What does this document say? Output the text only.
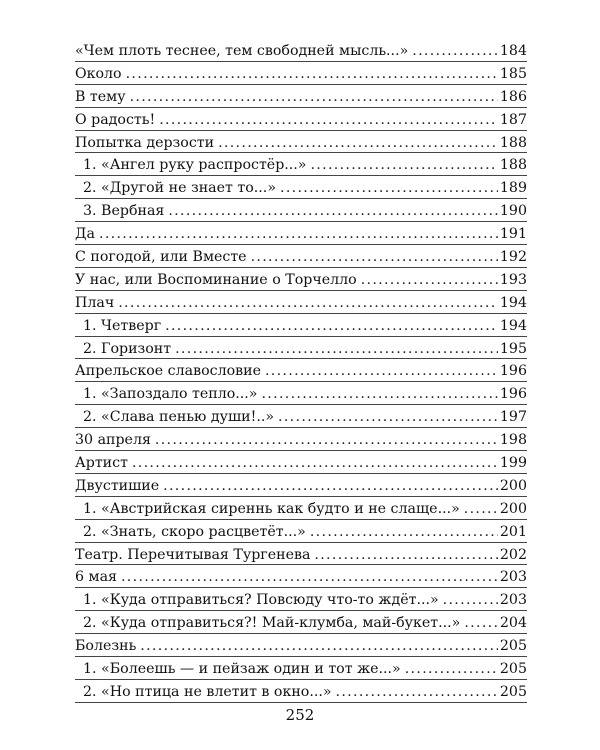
«Чем плоть теснее, тем свободней мысль...» . . .	184
Около . . .	185
В тему . . .	186
О радость! . . .	187
Попытка дерзости . . .	188
1. «Ангел руку распростёр...» . . .	188
2. «Другой не знает то...» . . .	189
3. Вербная . . .	190
Да . . .	191
С погодой, или Вместе . . .	192
У нас, или Воспоминание о Торчелло . . .	193
Плач . . .	194
1. Четверг . . .	194
2. Горизонт . . .	195
Апрельское славословие . . .	196
1. «Запоздало тепло...» . . .	196
2. «Слава пенью души!..» . . .	197
30 апреля . . .	198
Артист . . .	199
Двустишие . . .	200
1. «Австрийская сиреннь как будто и не слаще...» . . .	200
2. «Знать, скоро расцветёт...» . . .	201
Театр. Перечитывая Тургенева . . .	202
6 мая . . .	203
1. «Куда отправиться? Повсюду что-то ждёт...» . . .	203
2. «Куда отправиться?! Май-клумба, май-букет...» . . .	204
Болезнь . . .	205
1. «Болеешь — и пейзаж один и тот же...» . . .	205
2. «Но птица не влетит в окно...» . . .	205
252
